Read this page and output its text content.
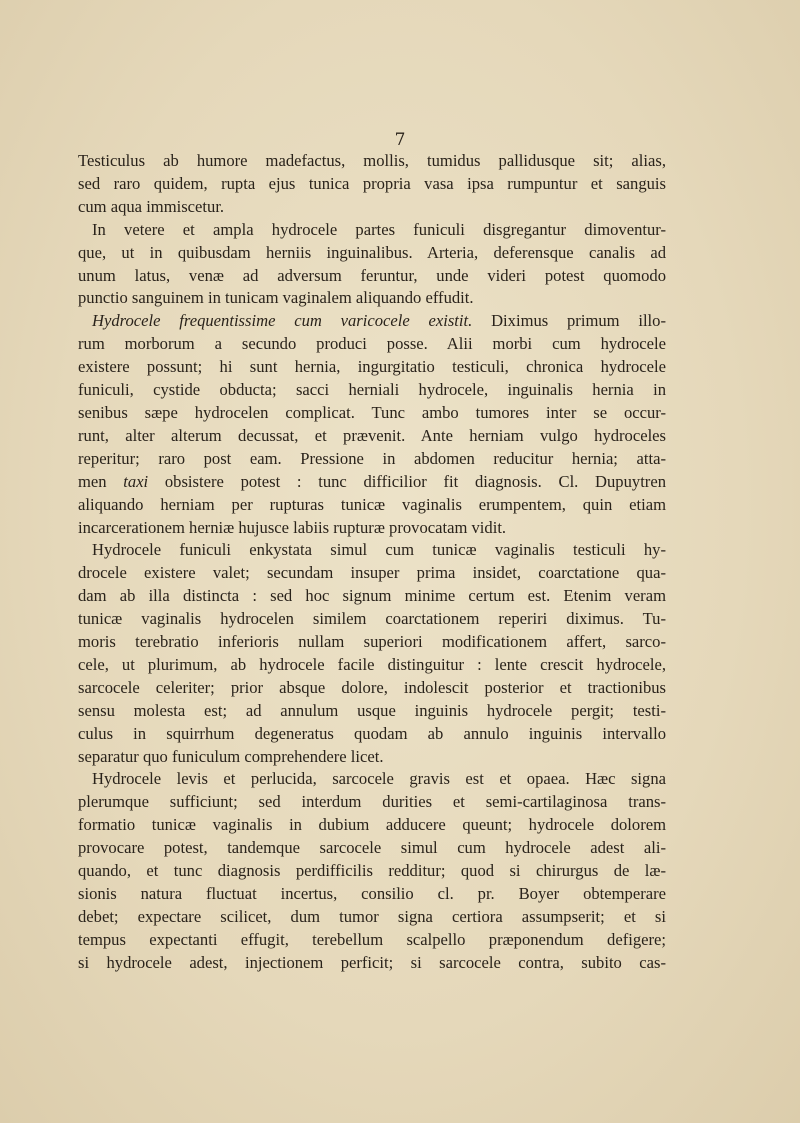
7
Testiculus ab humore madefactus, mollis, tumidus pallidusque sit; alias,
sed raro quidem, rupta ejus tunica propria vasa ipsa rumpuntur et sanguis
cum aqua immiscetur.
In vetere et ampla hydrocele partes funiculi disgregantur dimoventur-
que, ut in quibusdam herniis inguinalibus. Arteria, deferensque canalis ad
unum latus, venæ ad adversum feruntur, unde videri potest quomodo
punctio sanguinem in tunicam vaginalem aliquando effudit.
Hydrocele frequentissime cum varicocele existit. Diximus primum illo-
rum morborum a secundo produci posse. Alii morbi cum hydrocele
existere possunt; hi sunt hernia, ingurgitatio testiculi, chronica hydrocele
funiculi, cystide obducta; sacci herniali hydrocele, inguinalis hernia in
senibus sæpe hydrocelen complicat. Tunc ambo tumores inter se occur-
runt, alter alterum decussat, et prævenit. Ante herniam vulgo hydroceles
reperitur; raro post eam. Pressione in abdomen reducitur hernia; atta-
men taxi obsistere potest : tunc difficilior fit diagnosis. Cl. Dupuytren
aliquando herniam per rupturas tunicæ vaginalis erumpentem, quin etiam
incarcerationem herniæ hujusce labiis rupturæ provocatam vidit.
Hydrocele funiculi enkystata simul cum tunicæ vaginalis testiculi hy-
drocele existere valet; secundam insuper prima insidet, coarctatione qua-
dam ab illa distincta : sed hoc signum minime certum est. Etenim veram
tunicæ vaginalis hydrocelen similem coarctationem reperiri diximus. Tu-
moris terebratio inferioris nullam superiori modificationem affert, sarco-
cele, ut plurimum, ab hydrocele facile distinguitur : lente crescit hydrocele,
sarcocele celeriter; prior absque dolore, indolescit posterior et tractionibus
sensu molesta est; ad annulum usque inguinis hydrocele pergit; testi-
culus in squirrhum degeneratus quodam ab annulo inguinis intervallo
separatur quo funiculum comprehendere licet.
Hydrocele levis et perlucida, sarcocele gravis est et opaea. Hæc signa
plerumque sufficiunt; sed interdum durities et semi-cartilaginosa trans-
formatio tunicæ vaginalis in dubium adducere queunt; hydrocele dolorem
provocare potest, tandemque sarcocele simul cum hydrocele adest ali-
quando, et tunc diagnosis perdifficilis redditur; quod si chirurgus de læ-
sionis natura fluctuat incertus, consilio cl. pr. Boyer obtemperare
debet; expectare scilicet, dum tumor signa certiora assumpserit; et si
tempus expectanti effugit, terebellum scalpello præponendum defigere;
si hydrocele adest, injectionem perficit; si sarcocele contra, subito cas-
